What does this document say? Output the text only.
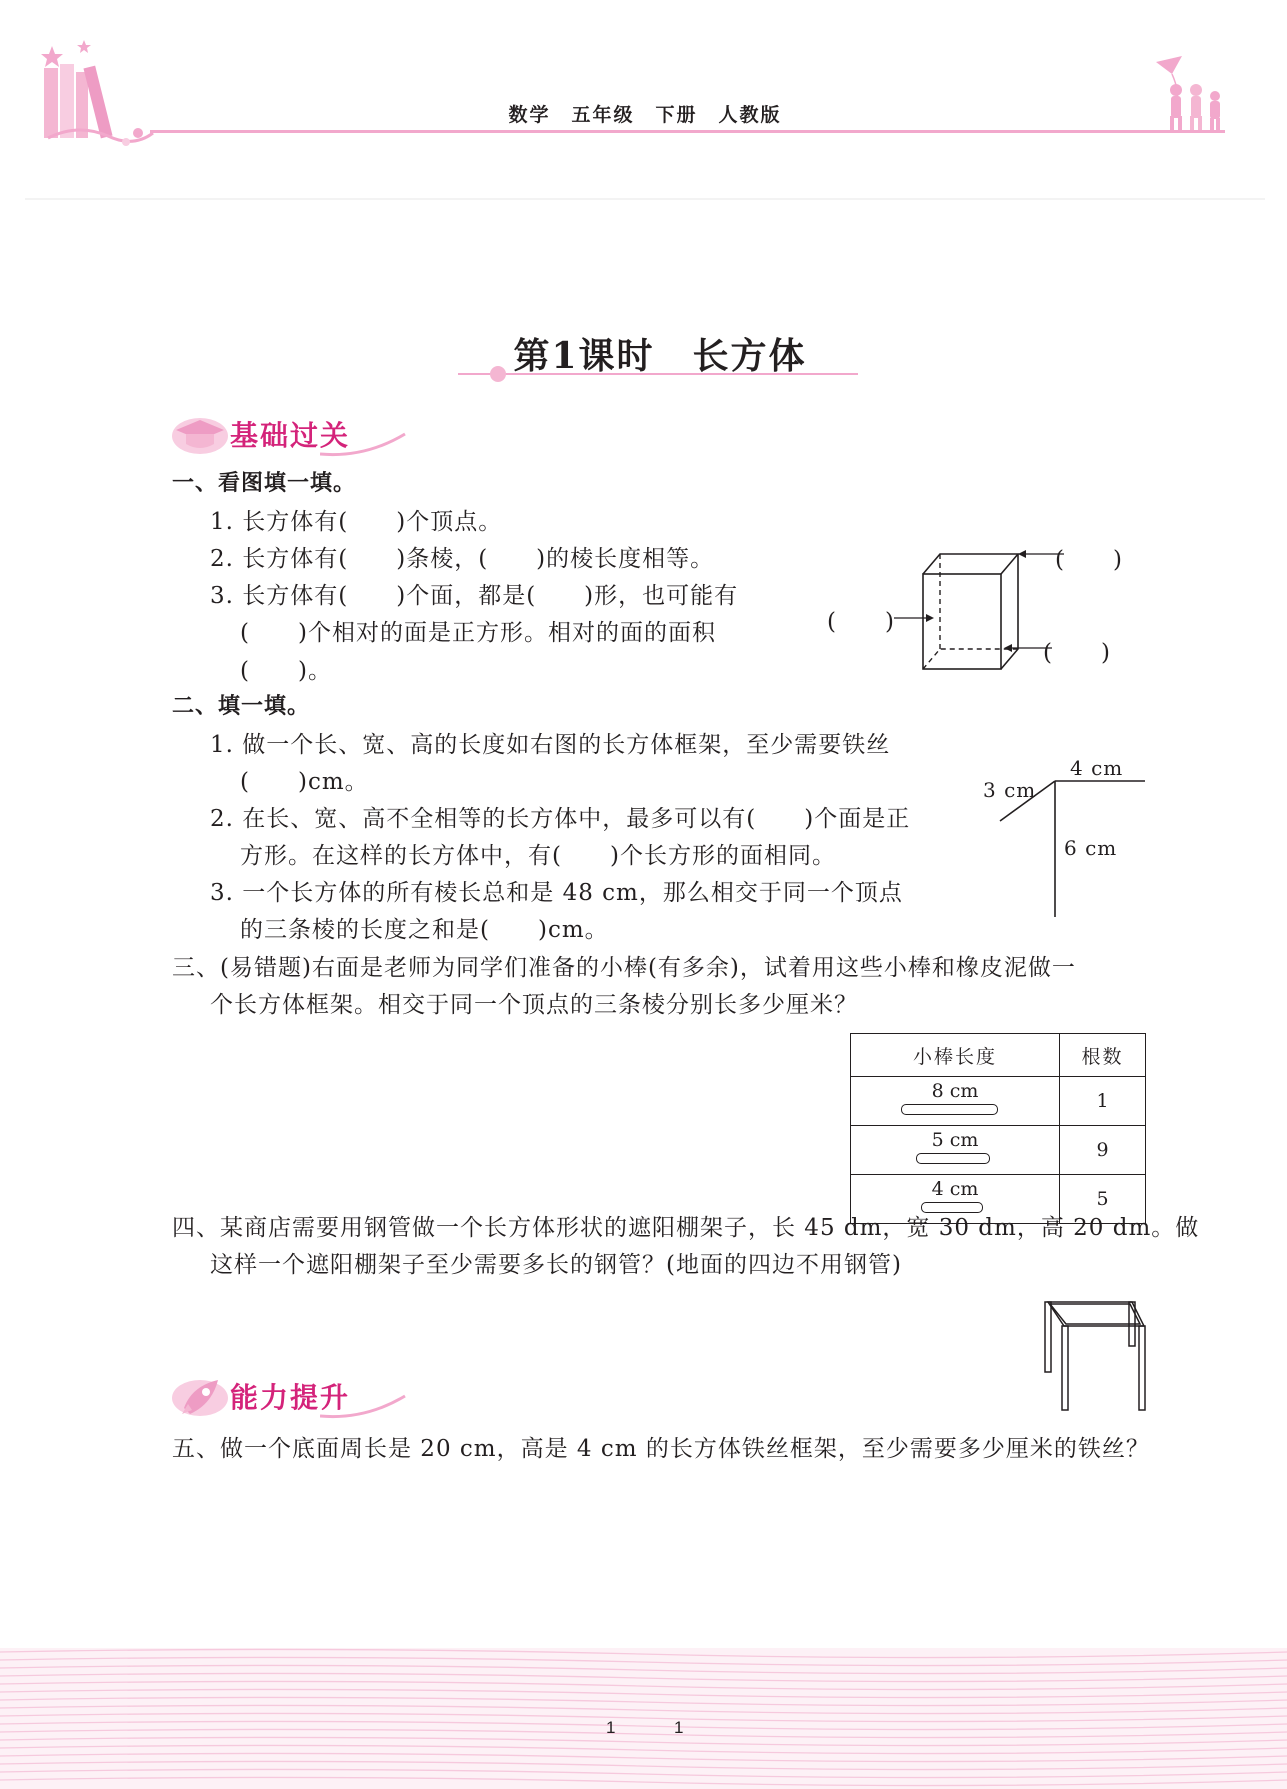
数学　五年级　下册　人教版
第1课时　长方体
基础过关
一、看图填一填。
1. 长方体有(　　)个顶点。
2. 长方体有(　　)条棱，(　　)的棱长度相等。
3. 长方体有(　　)个面，都是(　　)形，也可能有
(　　)个相对的面是正方形。相对的面的面积
(　　)。
(　　)
(　　)
(　　)
二、填一填。
1. 做一个长、宽、高的长度如右图的长方体框架，至少需要铁丝
(　　)cm。
2. 在长、宽、高不全相等的长方体中，最多可以有(　　)个面是正
方形。在这样的长方体中，有(　　)个长方形的面相同。
3. 一个长方体的所有棱长总和是 48 cm，那么相交于同一个顶点
的三条棱的长度之和是(　　)cm。
4 cm
3 cm
6 cm
三、(易错题)右面是老师为同学们准备的小棒(有多余)，试着用这些小棒和橡皮泥做一
个长方体框架。相交于同一个顶点的三条棱分别长多少厘米？
小棒长度	根数

8 cm	1

5 cm	9

4 cm	5
四、某商店需要用钢管做一个长方体形状的遮阳棚架子，长 45 dm，宽 30 dm，高 20 dm。做
这样一个遮阳棚架子至少需要多长的钢管？(地面的四边不用钢管)
能力提升
五、做一个底面周长是 20 cm，高是 4 cm 的长方体铁丝框架，至少需要多少厘米的铁丝？
1	1
